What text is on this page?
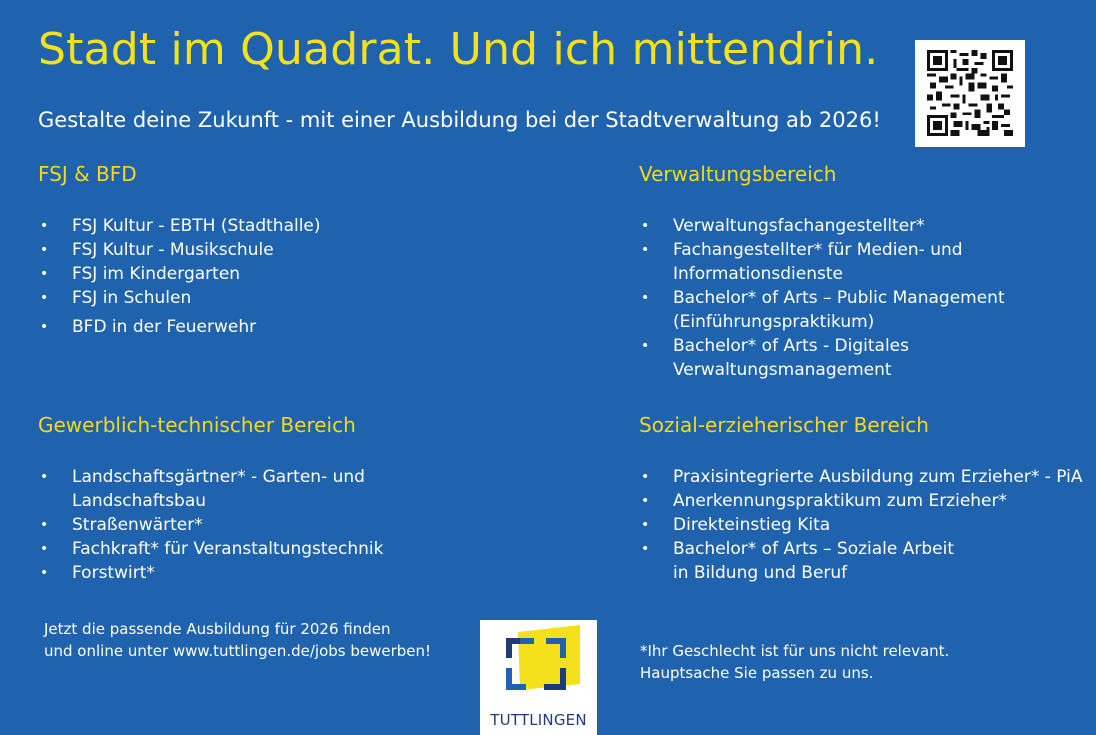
Stadt im Quadrat. Und ich mittendrin.
Gestalte deine Zukunft - mit einer Ausbildung bei der Stadtverwaltung ab 2026!
FSJ & BFD
• FSJ Kultur - EBTH (Stadthalle)
• FSJ Kultur - Musikschule
• FSJ im Kindergarten
• FSJ in Schulen
• BFD in der Feuerwehr
Verwaltungsbereich
• Verwaltungsfachangestellter*
• Fachangestellter* für Medien- und
Informationsdienste
• Bachelor* of Arts – Public Management
(Einführungspraktikum)
• Bachelor* of Arts - Digitales
Verwaltungsmanagement
Gewerblich-technischer Bereich
• Landschaftsgärtner* - Garten- und
Landschaftsbau
• Straßenwärter*
• Fachkraft* für Veranstaltungstechnik
• Forstwirt*
Sozial-erzieherischer Bereich
• Praxisintegrierte Ausbildung zum Erzieher* - PiA
• Anerkennungspraktikum zum Erzieher*
• Direkteinstieg Kita
• Bachelor* of Arts – Soziale Arbeit
in Bildung und Beruf
Jetzt die passende Ausbildung für 2026 finden
und online unter www.tuttlingen.de/jobs bewerben!
TUTTLINGEN
*Ihr Geschlecht ist für uns nicht relevant.
Hauptsache Sie passen zu uns.
